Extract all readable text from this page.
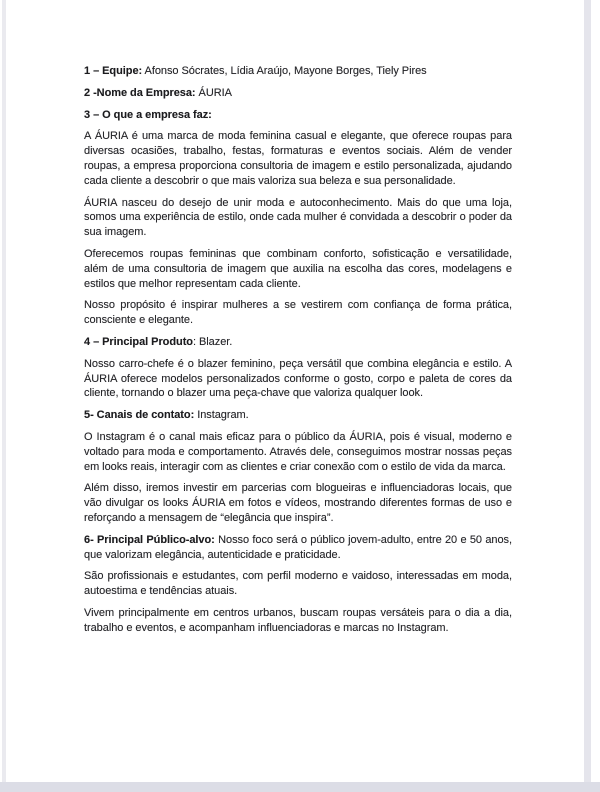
1 – Equipe: Afonso Sócrates, Lídia Araújo, Mayone Borges, Tiely Pires

2 -Nome da Empresa: ÁURIA

3 – O que a empresa faz:

A ÁURIA é uma marca de moda feminina casual e elegante, que oferece roupas para diversas ocasiões, trabalho, festas, formaturas e eventos sociais. Além de vender roupas, a empresa proporciona consultoria de imagem e estilo personalizada, ajudando cada cliente a descobrir o que mais valoriza sua beleza e sua personalidade.

ÁURIA nasceu do desejo de unir moda e autoconhecimento. Mais do que uma loja, somos uma experiência de estilo, onde cada mulher é convidada a descobrir o poder da sua imagem.

Oferecemos roupas femininas que combinam conforto, sofisticação e versatilidade, além de uma consultoria de imagem que auxilia na escolha das cores, modelagens e estilos que melhor representam cada cliente.

Nosso propósito é inspirar mulheres a se vestirem com confiança de forma prática, consciente e elegante.

4 – Principal Produto: Blazer.

Nosso carro-chefe é o blazer feminino, peça versátil que combina elegância e estilo. A ÁURIA oferece modelos personalizados conforme o gosto, corpo e paleta de cores da cliente, tornando o blazer uma peça-chave que valoriza qualquer look.

5- Canais de contato: Instagram.

O Instagram é o canal mais eficaz para o público da ÁURIA, pois é visual, moderno e voltado para moda e comportamento. Através dele, conseguimos mostrar nossas peças em looks reais, interagir com as clientes e criar conexão com o estilo de vida da marca.

Além disso, iremos investir em parcerias com blogueiras e influenciadoras locais, que vão divulgar os looks ÁURIA em fotos e vídeos, mostrando diferentes formas de uso e reforçando a mensagem de “elegância que inspira”.

6- Principal Público-alvo: Nosso foco será o público jovem-adulto, entre 20 e 50 anos, que valorizam elegância, autenticidade e praticidade.

São profissionais e estudantes, com perfil moderno e vaidoso, interessadas em moda, autoestima e tendências atuais.

Vivem principalmente em centros urbanos, buscam roupas versáteis para o dia a dia, trabalho e eventos, e acompanham influenciadoras e marcas no Instagram.
